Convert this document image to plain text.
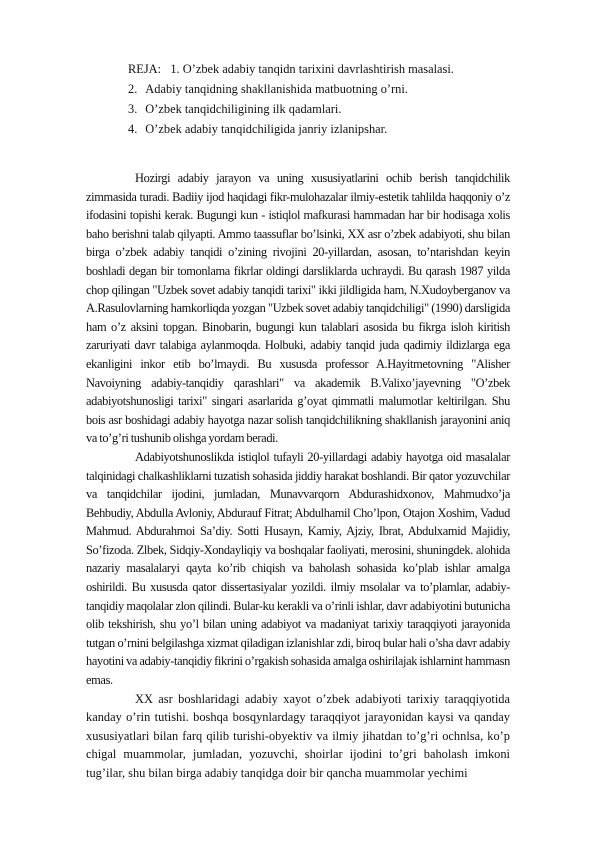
REJA: 1. O’zbek adabiy tanqidn tarixini davrlashtirish masalasi.
2. Adabiy tanqidning shakllanishida matbuotning o’rni.
3. O’zbek tanqidchiligining ilk qadamlari.
4. O’zbek adabiy tanqidchiligida janriy izlanipshar.

Hozirgi adabiy jarayon va uning xususiyatlarini ochib berish tanqidchilik zimmasida turadi. Badiiy ijod haqidagi fikr-mulohazalar ilmiy-estetik tahlilda haqqoniy o’z ifodasini topishi kerak. Bugungi kun - istiqlol mafkurasi hammadan har bir hodisaga xolis baho berishni talab qilyapti. Ammo taassuflar bo’lsinki, XX asr o’zbek adabiyoti, shu bilan birga o’zbek adabiy tanqidi o’zining rivojini 20-yillardan, asosan, to’ntarishdan keyin boshladi degan bir tomonlama fikrlar oldingi darsliklarda uchraydi. Bu qarash 1987 yilda chop qilingan "Uzbek sovet adabiy tanqidi tarixi" ikki jildligida ham, N.Xudoyberganov va A.Rasulovlarning hamkorliqda yozgan "Uzbek sovet adabiy tanqidchiligi" (1990) darsligida ham o’z aksini topgan. Binobarin, bugungi kun talablari asosida bu fikrga isloh kiritish zaruriyati davr talabiga aylanmoqda. Holbuki, adabiy tanqid juda qadimiy ildizlarga ega ekanligini inkor etib bo’lmaydi. Bu xususda professor A.Hayitmetovning "Alisher Navoiyning adabiy-tanqidiy qarashlari" va akademik B.Valixo’jayevning "O’zbek adabiyotshunosligi tarixi" singari asarlarida g’oyat qimmatli malumotlar keltirilgan. Shu bois asr boshidagi adabiy hayotga nazar solish tanqidchilikning shakllanish jarayonini aniq va to’g’ri tushunib olishga yordam beradi.

Adabiyotshunoslikda istiqlol tufayli 20-yillardagi adabiy hayotga oid masalalar talqinidagi chalkashliklarni tuzatish sohasida jiddiy harakat boshlandi. Bir qator yozuvchilar va tanqidchilar ijodini, jumladan, Munavvarqorn Abdurashidxonov, Mahmudxo’ja Behbudiy, Abdulla Avloniy, Abdurauf Fitrat; Abdulhamil Cho’lpon, Otajon Xoshim, Vadud Mahmud. Abdurahmoi Sa’diy. Sotti Husayn, Kamiy, Ajziy, Ibrat, Abdulxamid Majidiy, So’fizoda. Zlbek, Sidqiy-Xondayliqiy va boshqalar faoliyati, merosini, shuningdek. alohida nazariy masalalaryi qayta ko’rib chiqish va baholash sohasida ko’plab ishlar amalga oshirildi. Bu xususda qator dissertasiyalar yozildi. ilmiy msolalar va to’plamlar, adabiy-tanqidiy maqolalar zlon qilindi. Bular-ku kerakli va o’rinli ishlar, davr adabiyotini butunicha olib tekshirish, shu yo’l bilan uning adabiyot va madaniyat tarixiy taraqqiyoti jarayonida tutgan o’rnini belgilashga xizmat qiladigan izlanishlar zdi, biroq bular hali o’sha davr adabiy hayotini va adabiy-tanqidiy fikrini o’rgakish sohasida amalga oshirilajak ishlarnint hammasn emas.

XX asr boshlaridagi adabiy xayot o’zbek adabiyoti tarixiy taraqqiyotida kanday o’rin tutishi. boshqa bosqynlardagy taraqqiyot jarayonidan kaysi va qanday xususiyatlari bilan farq qilib turishi-obyektiv va ilmiy jihatdan to’g’ri ochnlsa, ko’p chigal muammolar, jumladan, yozuvchi, shoirlar ijodini to’gri baholash imkoni tug’ilar, shu bilan birga adabiy tanqidga doir bir qancha muammolar yechimi
